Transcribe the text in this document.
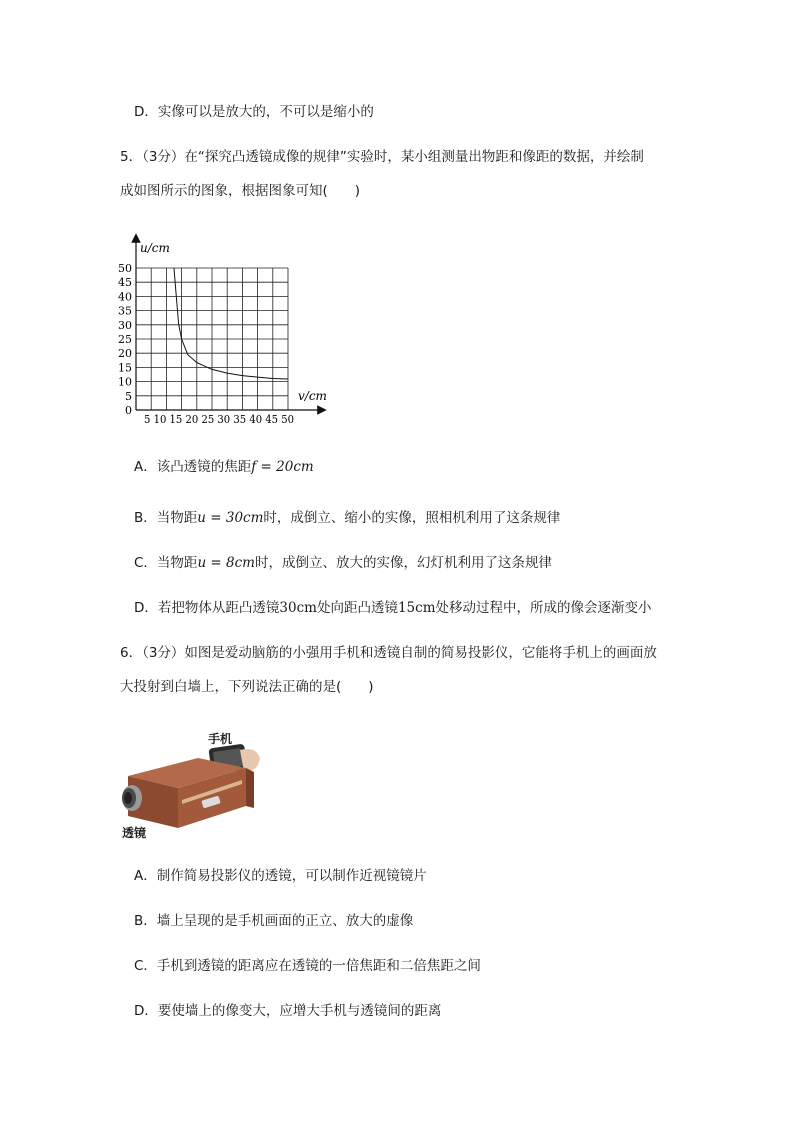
D．实像可以是放大的，不可以是缩小的
5．（3分）在“探究凸透镜成像的规律”实验时，某小组测量出物距和像距的数据，并绘制
成如图所示的图象，根据图象可知(　　)
u/cm
v/cm
0
5
10
15
20
25
30
35
40
45
50
5 10 15 20 25 30 35 40 45 50
A．该凸透镜的焦距f = 20cm
B．当物距u = 30cm时，成倒立、缩小的实像，照相机利用了这条规律
C．当物距u = 8cm时，成倒立、放大的实像，幻灯机利用了这条规律
D．若把物体从距凸透镜30cm处向距凸透镜15cm处移动过程中，所成的像会逐渐变小
6．（3分）如图是爱动脑筋的小强用手机和透镜自制的简易投影仪，它能将手机上的画面放
大投射到白墙上，下列说法正确的是(　　)
手机
透镜
A．制作简易投影仪的透镜，可以制作近视镜镜片
B．墙上呈现的是手机画面的正立、放大的虚像
C．手机到透镜的距离应在透镜的一倍焦距和二倍焦距之间
D．要使墙上的像变大，应增大手机与透镜间的距离
